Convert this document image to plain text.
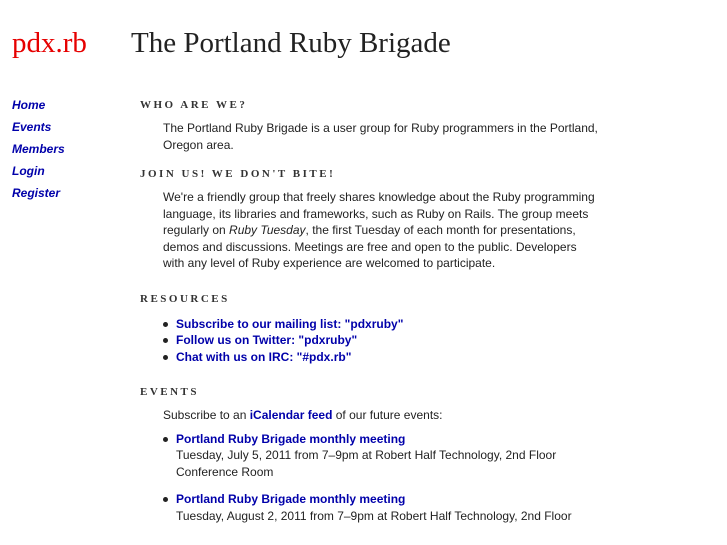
pdx.rb The Portland Ruby Brigade
Home
Events
Members
Login
Register
WHO ARE WE?

The Portland Ruby Brigade is a user group for Ruby programmers in the Portland, Oregon area.

JOIN US! WE DON'T BITE!

We're a friendly group that freely shares knowledge about the Ruby programming language, its libraries and frameworks, such as Ruby on Rails. The group meets regularly on Ruby Tuesday, the first Tuesday of each month for presentations, demos and discussions. Meetings are free and open to the public. Developers with any level of Ruby experience are welcomed to participate.

RESOURCES
Subscribe to our mailing list: "pdxruby"
Follow us on Twitter: "pdxruby"
Chat with us on IRC: "#pdx.rb"
EVENTS

Subscribe to an iCalendar feed of our future events:

Portland Ruby Brigade monthly meeting
Tuesday, July 5, 2011 from 7–9pm at Robert Half Technology, 2nd Floor Conference Room
Portland Ruby Brigade monthly meeting
Tuesday, August 2, 2011 from 7–9pm at Robert Half Technology, 2nd Floor
